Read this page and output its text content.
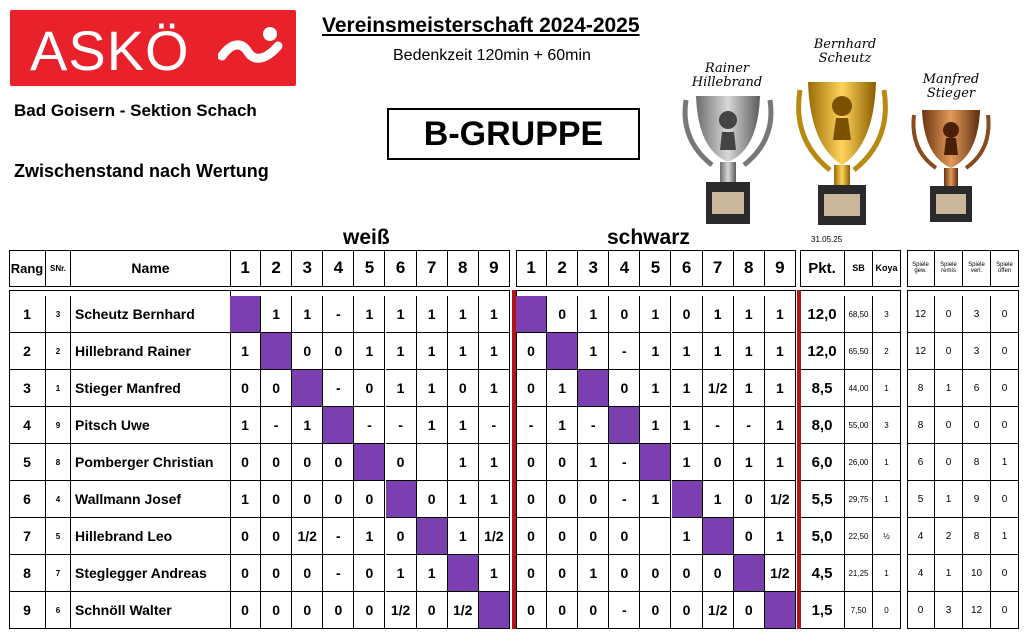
ASKÖ
Bad Goisern - Sektion Schach
Zwischenstand nach Wertung
Vereinsmeisterschaft 2024-2025
Bedenkzeit 120min + 60min
B-GRUPPE
Rainer
Hillebrand
Bernhard
Scheutz
Manfred
Stieger
31.05.25
weiß	schwarz
Rang
1
2
3
4
5
6
7
8
9
SNr.
3
2
1
9
8
4
5
7
6
Name
Scheutz Bernhard
Hillebrand Rainer
Stieger Manfred
Pitsch Uwe
Pomberger Christian
Wallmann Josef
Hillebrand Leo
Steglegger Andreas
Schnöll Walter
1
1
0
1
0
1
0
0
0
2
1
0
-
0
0
0
0
0
3
1
0
1
0
0
1/2
0
0
4
-
0
-
0
0
-
-
0
5
1
1
0
-
0
1
0
0
6
1
1
1
-
0
0
1
1/2
7
1
1
1
1
0
1
0
8
1
1
0
1
1
1
1
1/2
9
1
1
1
-
1
1
1/2
1
1
0
0
-
0
0
0
0
0
2
0
1
1
0
0
0
0
0
3
1
1
-
1
0
0
1
0
4
0
-
0
-
-
0
0
-
5
1
1
1
1
1
0
0
6
0
1
1
1
1
1
0
0
7
1
1
1/2
-
0
1
0
1/2
8
1
1
1
-
1
0
0
0
9
1
1
1
1
1
1/2
1
1/2
Pkt.
12,0
12,0
8,5
8,0
6,0
5,5
5,0
4,5
1,5
SB
68,50
65,50
44,00
55,00
26,00
29,75
22,50
21,25
7,50
Koya
3
2
1
3
1
1
½
1
0
Spiele
gew.
12
12
8
8
6
5
4
4
0
Spiele
remis
0
0
1
0
0
1
2
1
3
Spiele
verl.
3
3
6
0
8
9
8
10
12
Spiele
offen
0
0
0
0
1
0
1
0
0
